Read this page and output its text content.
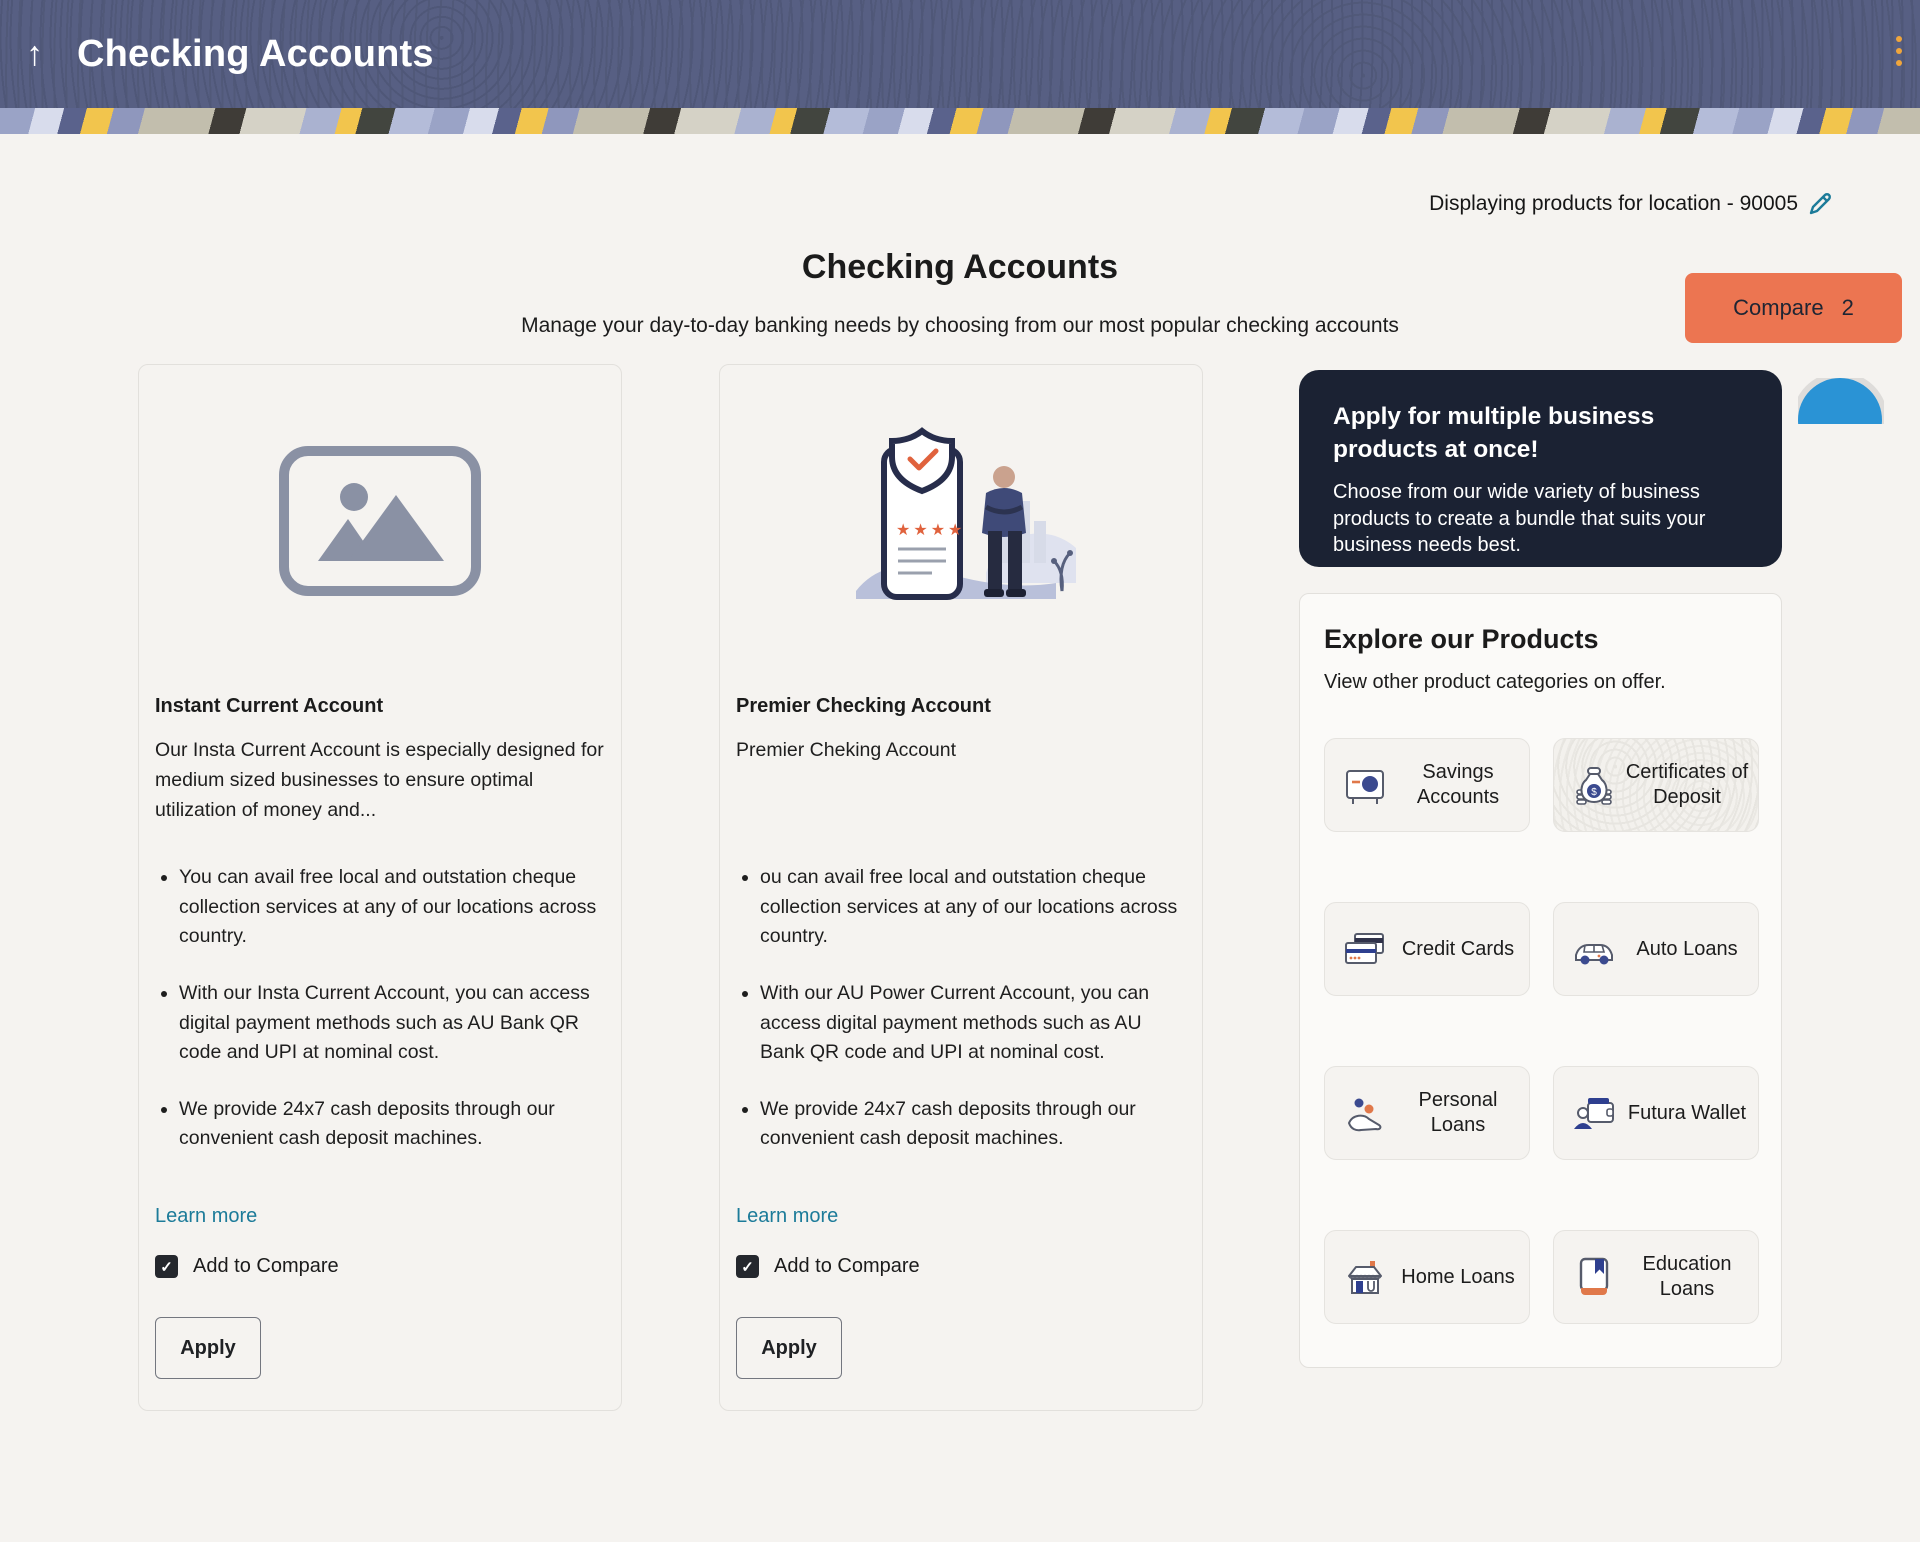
↑ Checking Accounts
Displaying products for location - 90005
Checking Accounts
Manage your day-to-day banking needs by choosing from our most popular checking accounts
Compare 2
Instant Current Account
Our Insta Current Account is especially designed for medium sized businesses to ensure optimal utilization of money and...
• You can avail free local and outstation cheque collection services at any of our locations across country.
• With our Insta Current Account, you can access digital payment methods such as AU Bank QR code and UPI at nominal cost.
• We provide 24x7 cash deposits through our convenient cash deposit machines.
Learn more
✓ Add to Compare
Apply
★★★★
Premier Checking Account
Premier Cheking Account
• ou can avail free local and outstation cheque collection services at any of our locations across country.
• With our AU Power Current Account, you can access digital payment methods such as AU Bank QR code and UPI at nominal cost.
• We provide 24x7 cash deposits through our convenient cash deposit machines.
Learn more
✓ Add to Compare
Apply
Apply for multiple business products at once!
Choose from our wide variety of business products to create a bundle that suits your business needs best.
Explore our Products
View other product categories on offer.
Savings Accounts	$
Certificates of Deposit
Credit Cards	Auto Loans
Personal Loans
Futura Wallet
Home Loans
Education Loans
